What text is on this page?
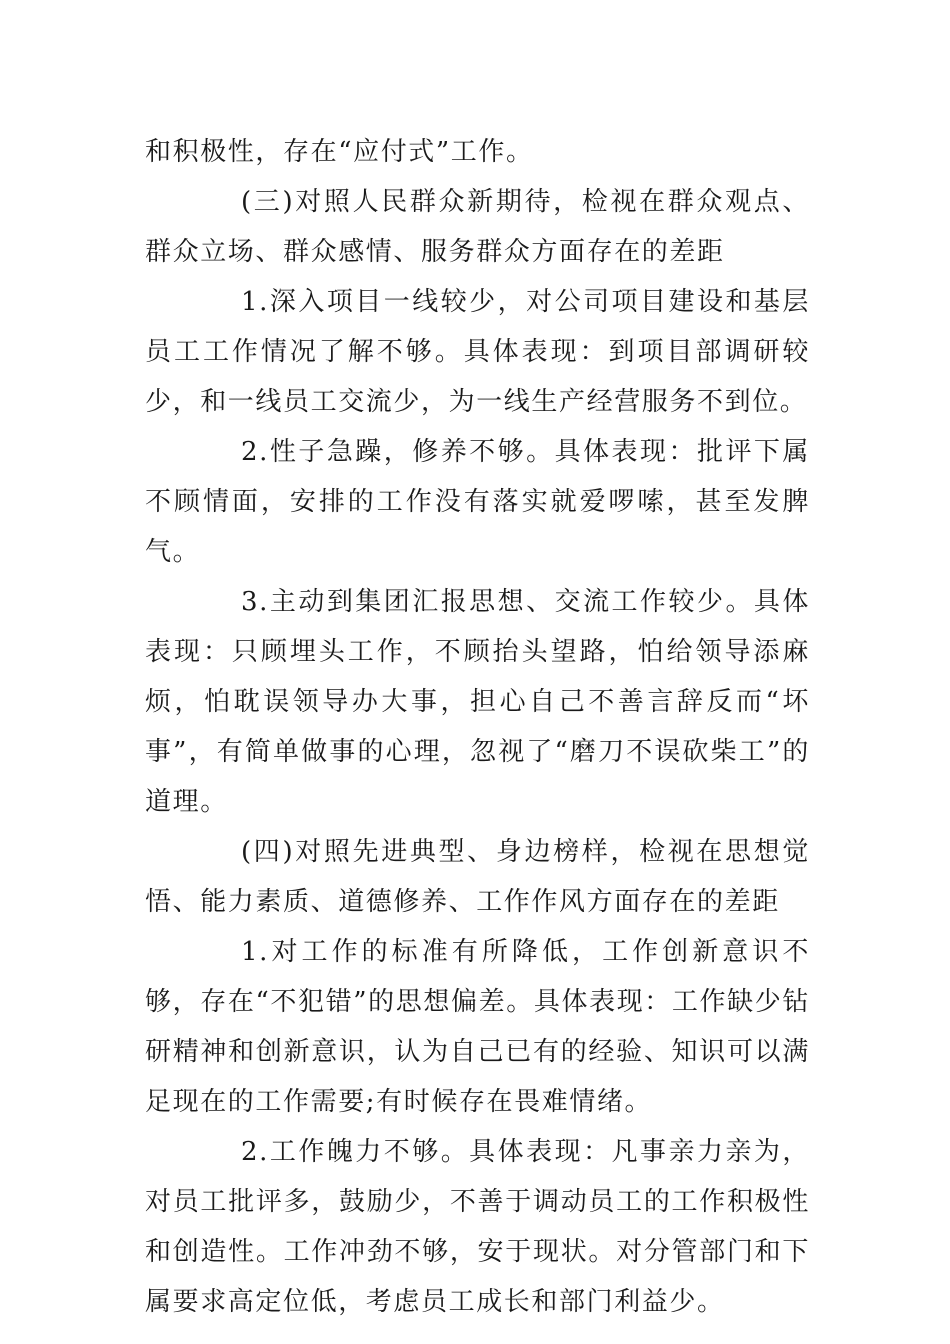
和积极性，存在“应付式”工作。

(三)对照人民群众新期待，检视在群众观点、群众立场、群众感情、服务群众方面存在的差距

1.深入项目一线较少，对公司项目建设和基层员工工作情况了解不够。具体表现：到项目部调研较少，和一线员工交流少，为一线生产经营服务不到位。

2.性子急躁，修养不够。具体表现：批评下属不顾情面，安排的工作没有落实就爱啰嗦，甚至发脾气。

3.主动到集团汇报思想、交流工作较少。具体表现：只顾埋头工作，不顾抬头望路，怕给领导添麻烦，怕耽误领导办大事，担心自己不善言辞反而“坏事”，有简单做事的心理，忽视了“磨刀不误砍柴工”的道理。

(四)对照先进典型、身边榜样，检视在思想觉悟、能力素质、道德修养、工作作风方面存在的差距

1.对工作的标准有所降低，工作创新意识不够，存在“不犯错”的思想偏差。具体表现：工作缺少钻研精神和创新意识，认为自己已有的经验、知识可以满足现在的工作需要;有时候存在畏难情绪。

2.工作魄力不够。具体表现：凡事亲力亲为，对员工批评多，鼓励少，不善于调动员工的工作积极性和创造性。工作冲劲不够，安于现状。对分管部门和下属要求高定位低，考虑员工成长和部门利益少。
